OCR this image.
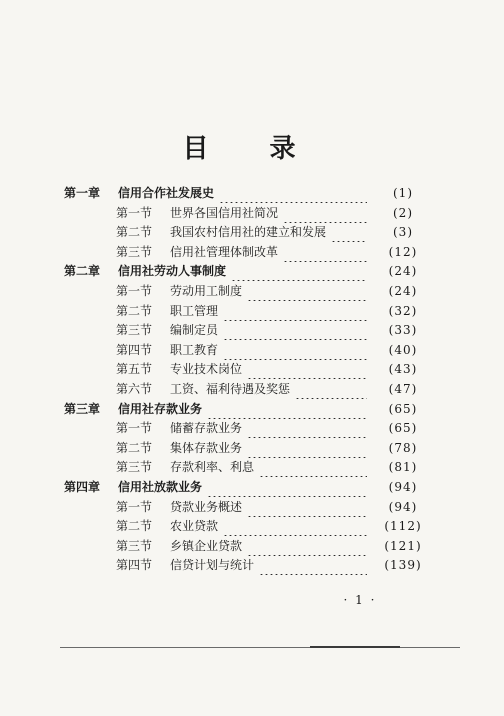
目 录
第一章 信用合作社发展史	(1)
第一节 世界各国信用社简况	(2)
第二节 我国农村信用社的建立和发展	(3)
第三节 信用社管理体制改革	(12)
第二章 信用社劳动人事制度	(24)
第一节 劳动用工制度	(24)
第二节 职工管理	(32)
第三节 编制定员	(33)
第四节 职工教育	(40)
第五节 专业技术岗位	(43)
第六节 工资、福利待遇及奖惩	(47)
第三章 信用社存款业务	(65)
第一节 储蓄存款业务	(65)
第二节 集体存款业务	(78)
第三节 存款利率、利息	(81)
第四章 信用社放款业务	(94)
第一节 贷款业务概述	(94)
第二节 农业贷款	(112)
第三节 乡镇企业贷款	(121)
第四节 信贷计划与统计	(139)
· 1 ·
